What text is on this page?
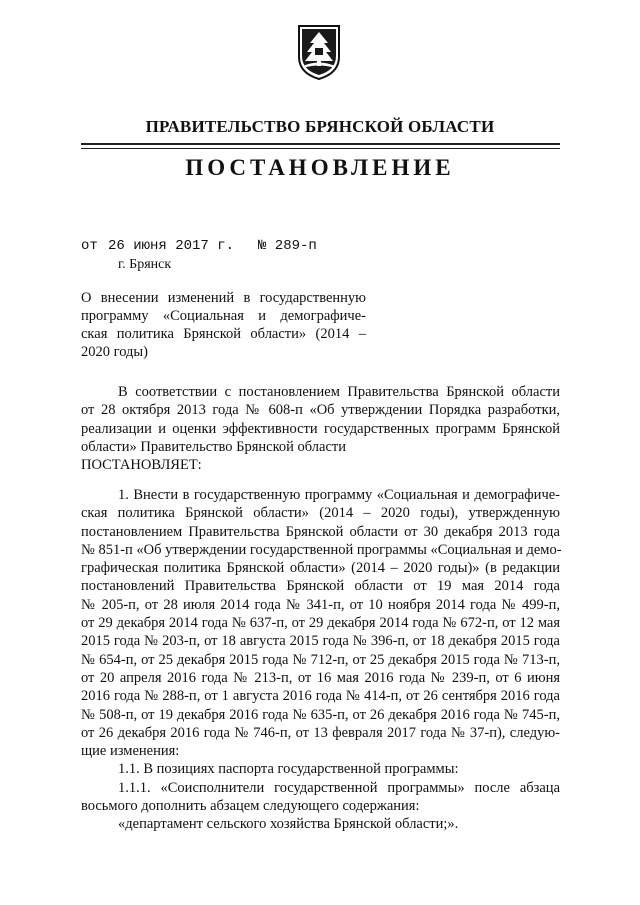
ПРАВИТЕЛЬСТВО БРЯНСКОЙ ОБЛАСТИ
ПОСТАНОВЛЕНИЕ
от 26 июня 2017 г. № 289-п
г. Брянск
О внесении изменений в государственную
программу «Социальная и демографиче-
ская политика Брянской области» (2014 –
2020 годы)
В соответствии с постановлением Правительства Брянской области
от 28 октября 2013 года № 608-п «Об утверждении Порядка разработки,
реализации и оценки эффективности государственных программ Брянской
области» Правительство Брянской области
ПОСТАНОВЛЯЕТ:
1. Внести в государственную программу «Социальная и демографиче-
ская политика Брянской области» (2014 – 2020 годы), утвержденную
постановлением Правительства Брянской области от 30 декабря 2013 года
№ 851-п «Об утверждении государственной программы «Социальная и демо-
графическая политика Брянской области» (2014 – 2020 годы)» (в редакции
постановлений Правительства Брянской области от 19 мая 2014 года
№ 205-п, от 28 июля 2014 года № 341-п, от 10 ноября 2014 года № 499-п,
от 29 декабря 2014 года № 637-п, от 29 декабря 2014 года № 672-п, от 12 мая
2015 года № 203-п, от 18 августа 2015 года № 396-п, от 18 декабря 2015 года
№ 654-п, от 25 декабря 2015 года № 712-п, от 25 декабря 2015 года № 713-п,
от 20 апреля 2016 года № 213-п, от 16 мая 2016 года № 239-п, от 6 июня
2016 года № 288-п, от 1 августа 2016 года № 414-п, от 26 сентября 2016 года
№ 508-п, от 19 декабря 2016 года № 635-п, от 26 декабря 2016 года № 745-п,
от 26 декабря 2016 года № 746-п, от 13 февраля 2017 года № 37-п), следую-
щие изменения:
1.1. В позициях паспорта государственной программы:
1.1.1. «Соисполнители государственной программы» после абзаца
восьмого дополнить абзацем следующего содержания:
«департамент сельского хозяйства Брянской области;».
